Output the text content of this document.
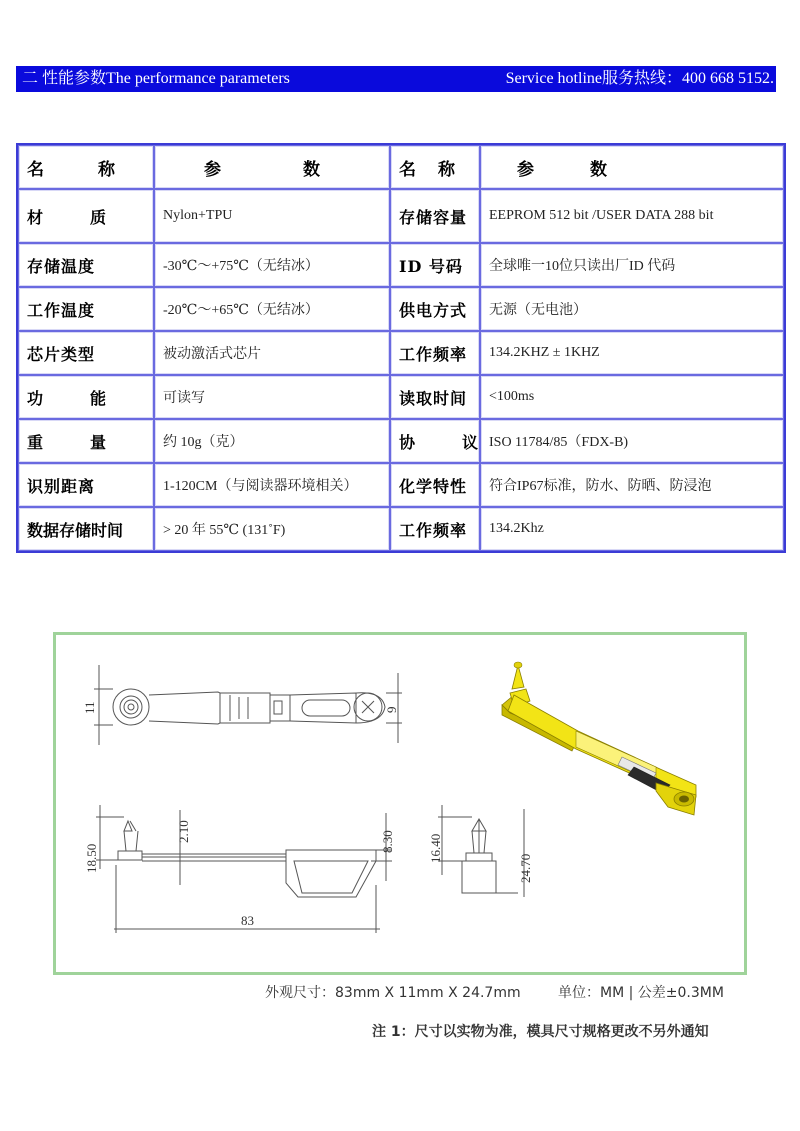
二 性能参数The performance parameters	Service hotline服务热线：400 668 5152.
名 称	参 数	名 称	参 数

材       质	Nylon+TPU	存储容量	EEPROM 512 bit /USER DATA 288 bit
存储温度	-30℃～+75℃（无结冰）	ID 号码	全球唯一10位只读出厂ID 代码
工作温度	-20℃～+65℃（无结冰）	供电方式	无源（无电池）
芯片类型	被动激活式芯片	工作频率	134.2KHZ ± 1KHZ
功       能	可读写	读取时间	<100ms
重       量	约 10g（克）	协       议	ISO 11784/85（FDX-B)
识别距离	1-120CM（与阅读器环境相关）	化学特性	符合IP67标准，防水、防晒、防浸泡
数据存储时间	> 20 年 55℃ (131˚F)	工作频率	134.2Khz
11	9
18.50
2.10	8.30
83
16.40
24.70
外观尺寸：83mm X 11mm X 24.7mm	单位：MM | 公差±0.3MM
注 1：尺寸以实物为准，模具尺寸规格更改不另外通知
